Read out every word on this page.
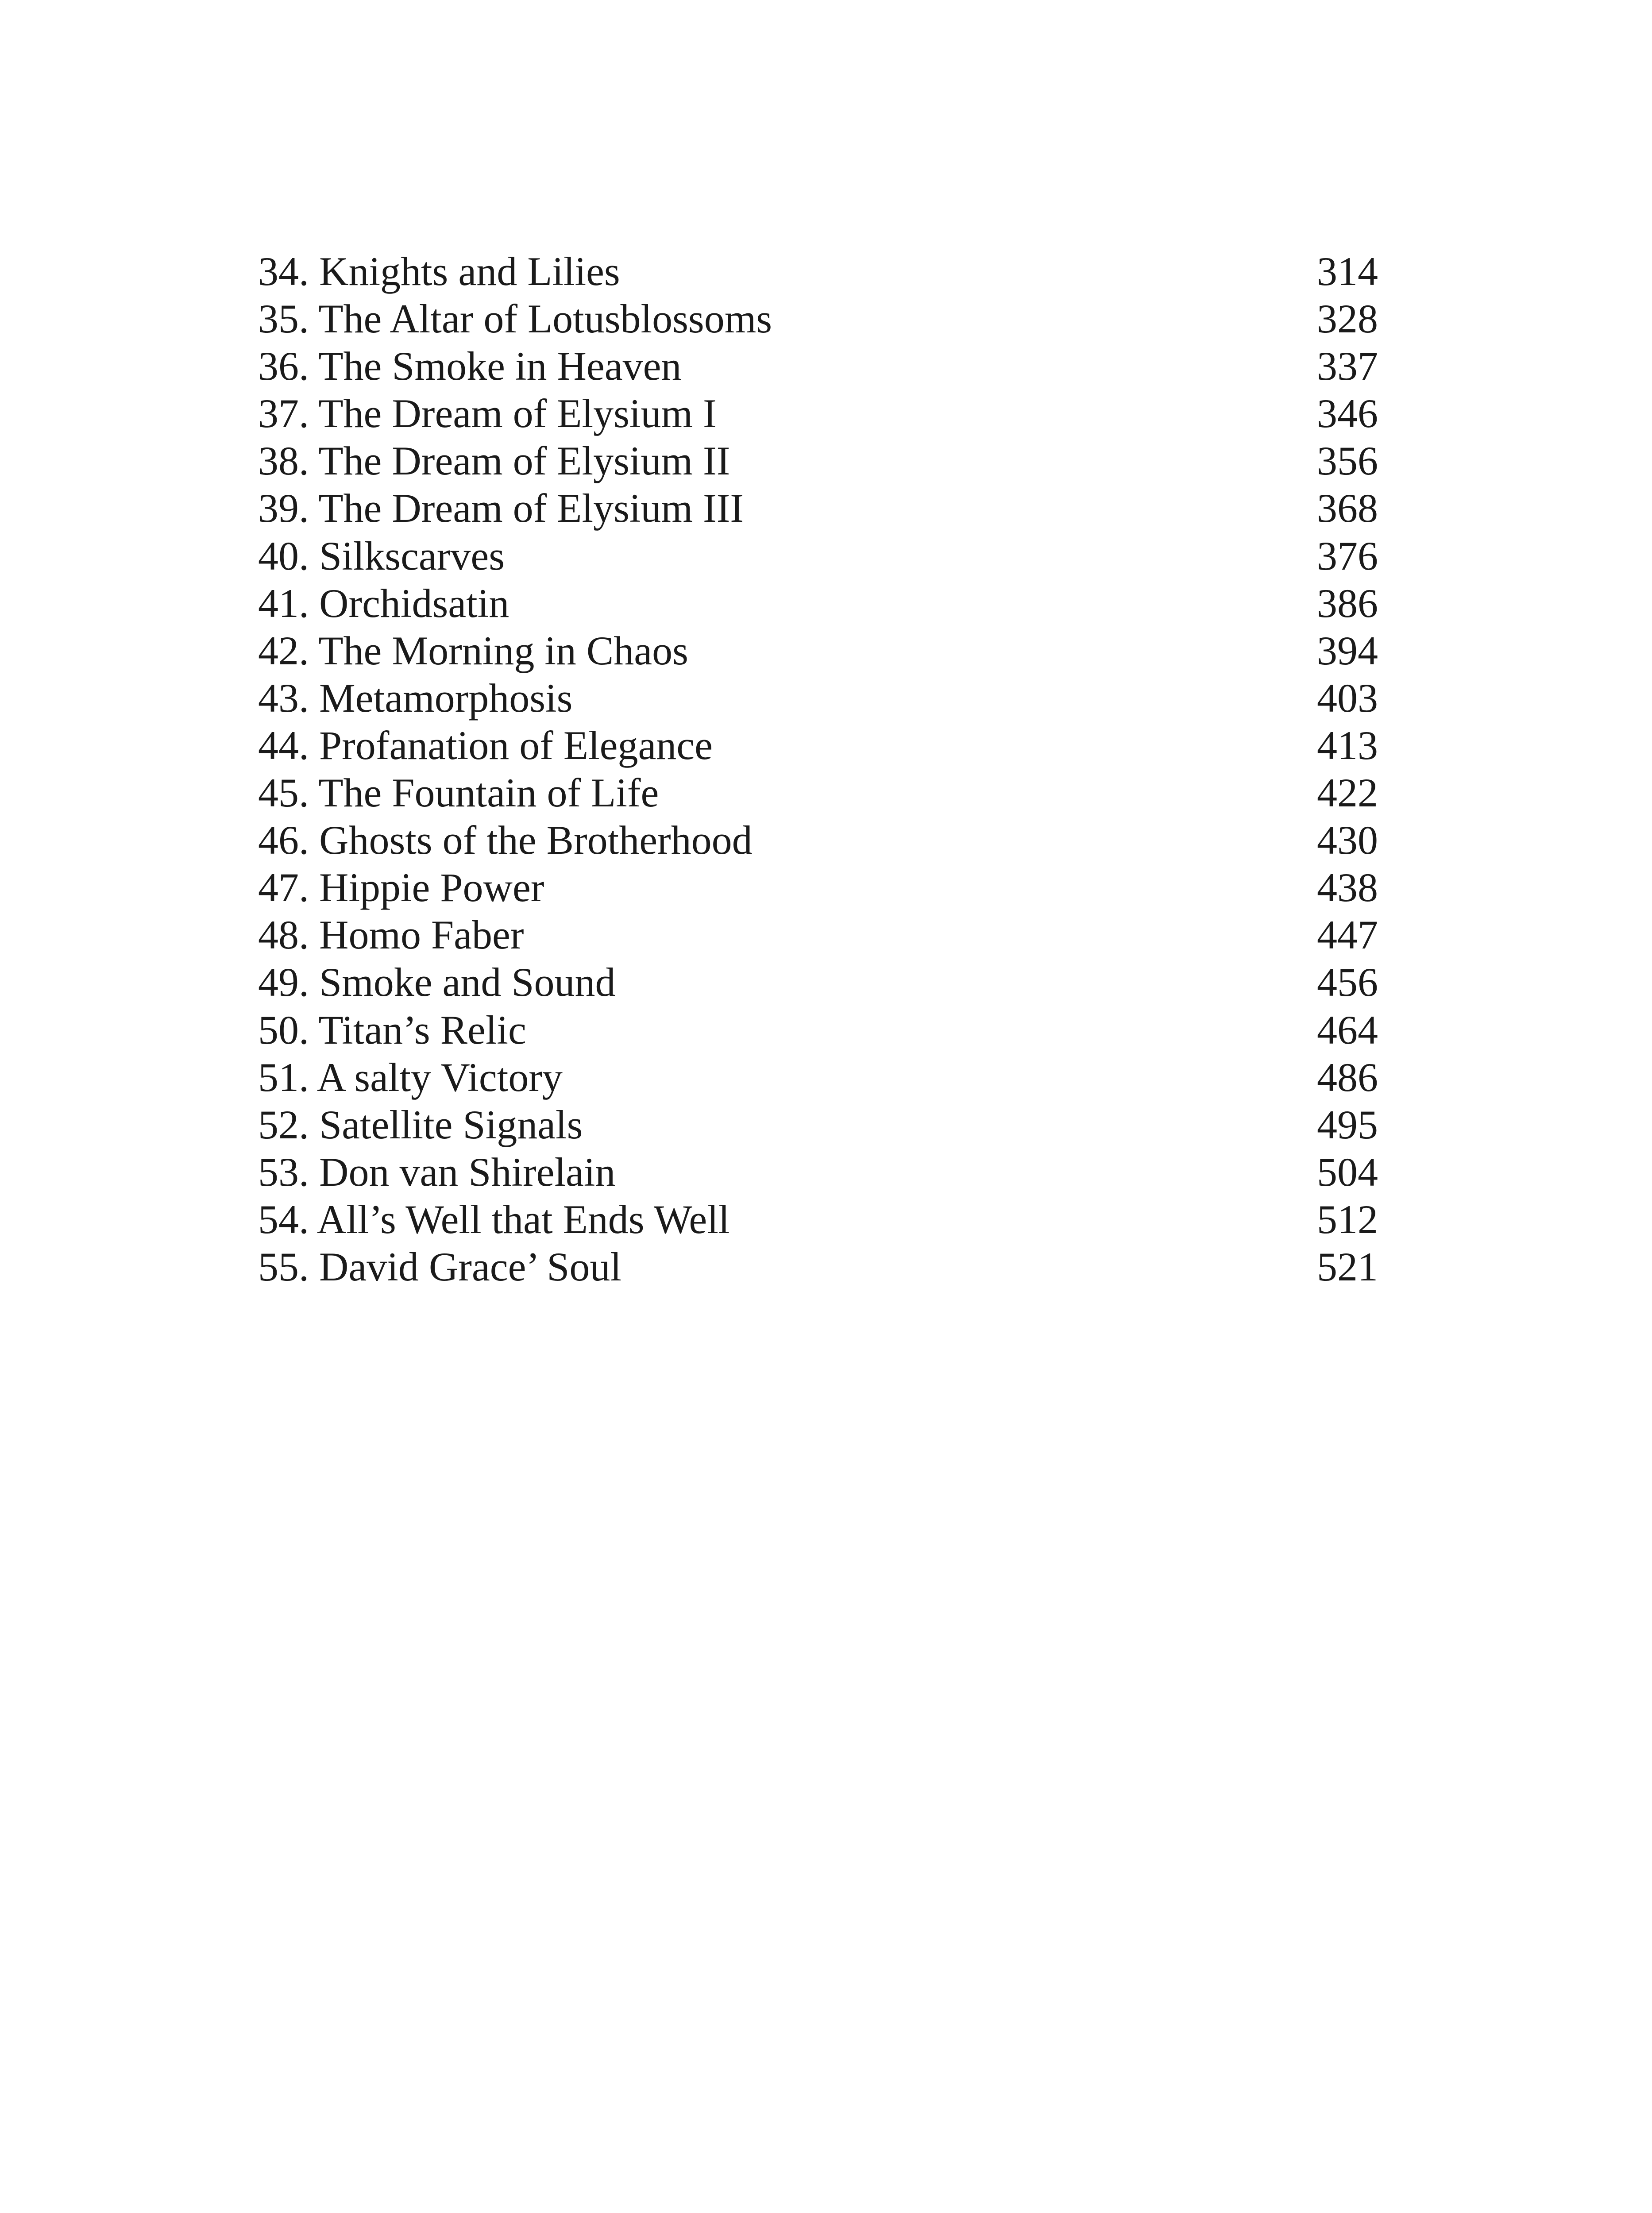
34. Knights and Lilies	314
35. The Altar of Lotusblossoms	328
36. The Smoke in Heaven	337
37. The Dream of Elysium I	346
38. The Dream of Elysium II	356
39. The Dream of Elysium III	368
40. Silkscarves	376
41. Orchidsatin	386
42. The Morning in Chaos	394
43. Metamorphosis	403
44. Profanation of Elegance	413
45. The Fountain of Life	422
46. Ghosts of the Brotherhood	430
47. Hippie Power	438
48. Homo Faber	447
49. Smoke and Sound	456
50. Titan’s Relic	464
51. A salty Victory	486
52. Satellite Signals	495
53. Don van Shirelain	504
54. All’s Well that Ends Well	512
55. David Grace’ Soul	521
